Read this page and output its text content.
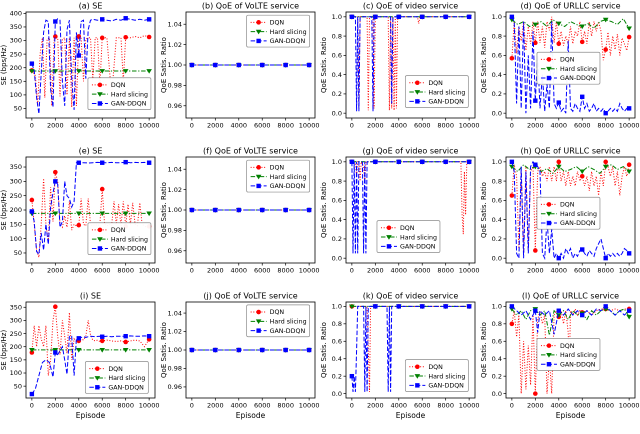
(a) SE
0 2000 4000 6000 8000 10000
50
100
150
200
250
300
350
400
SE (bps/Hz)
DQN
Hard slicing
GAN-DDQN
(b) QoE of VoLTE service
0 2000 4000 6000 8000 10000
0.96
0.98
1.00
1.02
1.04
QoE Satis. Ratio
DQN
Hard slicing
GAN-DDQN
(c) QoE of video service
0 2000 4000 6000 8000 10000
0.0
0.2
0.4
0.6
0.8
1.0
QoE Satis. Ratio	DQN
Hard slicing
GAN-DDQN
(d) QoE of URLLC service
0 2000 4000 6000 8000 10000
0.0
0.2
0.4
0.6
0.8
1.0
QoE Satis. Ratio	DQN
Hard slicing
GAN-DDQN
(e) SE
0 2000 4000 6000 8000 10000
50
100
150
200
250
300
350
SE (bps/Hz)
DQN
Hard slicing
GAN-DDQN
(f) QoE of VoLTE service
0 2000 4000 6000 8000 10000
0.96
0.98
1.00
1.02
1.04
QoE Satis. Ratio
DQN
Hard slicing
GAN-DDQN
(g) QoE of video service
0 2000 4000 6000 8000 10000
0.0
0.2
0.4
0.6
0.8
1.0
QoE Satis. Ratio	DQN
Hard slicing
GAN-DDQN
(h) QoE of URLLC service
0 2000 4000 6000 8000 10000
0.0
0.2
0.4
0.6
0.8
1.0
QoE Satis. Ratio	DQN
Hard slicing
GAN-DDQN
(i) SE
0 2000 4000 6000 8000 10000
50
100
150
200
250
300
350
SE (bps/Hz)
Episode
DQN
Hard slicing
GAN-DDQN
(j) QoE of VoLTE service
0 2000 4000 6000 8000 10000
0.96
0.98
1.00
1.02
1.04
QoE Satis. Ratio
Episode
DQN
Hard slicing
GAN-DDQN
(k) QoE of video service
0 2000 4000 6000 8000 10000
0.0
0.2
0.4
0.6
0.8
1.0
QoE Satis. Ratio
Episode
DQN
Hard slicing
GAN-DDQN
(l) QoE of URLLC service
0 2000 4000 6000 8000 10000
0.0
0.2
0.4
0.6
0.8
1.0
QoE Satis. Ratio
Episode
DQN
Hard slicing
GAN-DDQN
